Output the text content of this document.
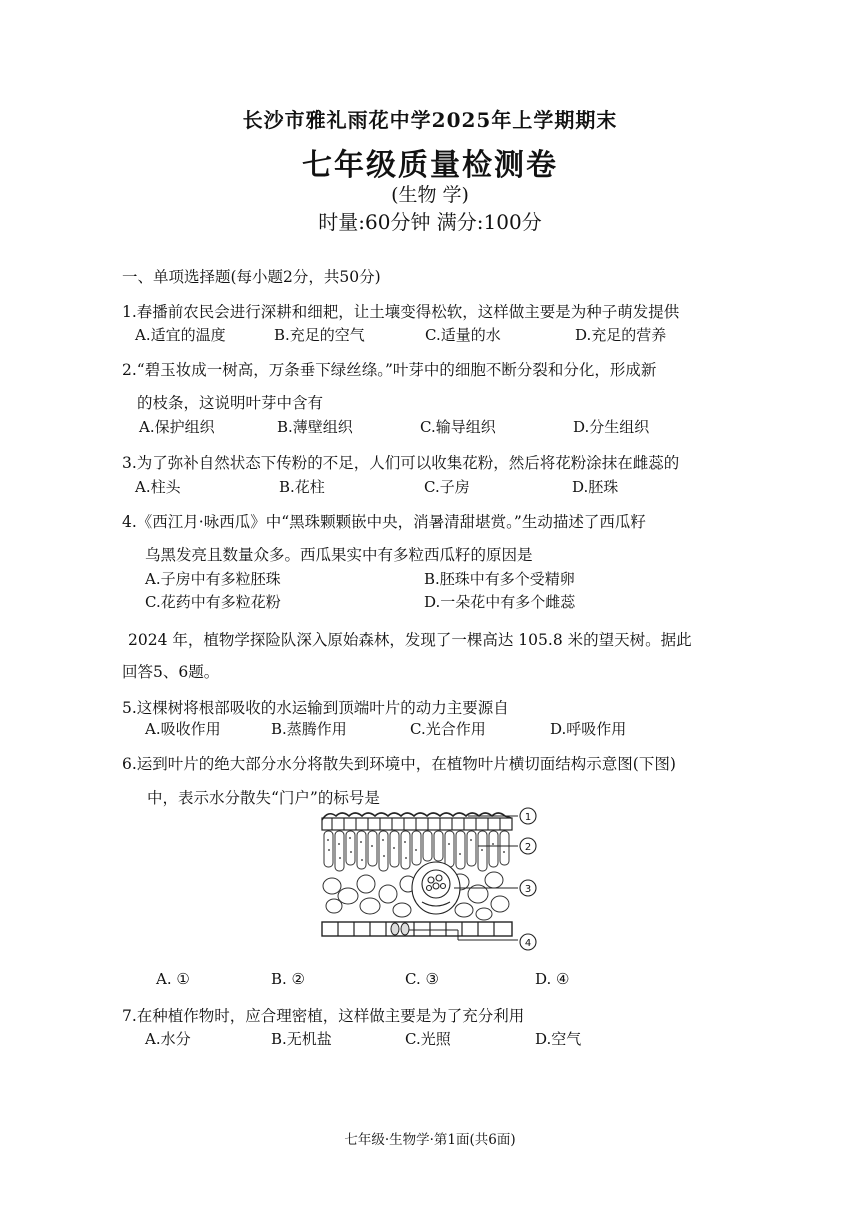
长沙市雅礼雨花中学2025年上学期期末
七年级质量检测卷
(生物 学)
时量:60分钟 满分:100分
一、单项选择题(每小题2分，共50分)
1.春播前农民会进行深耕和细耙，让土壤变得松软，这样做主要是为种子萌发提供
A.适宜的温度	B.充足的空气	C.适量的水	D.充足的营养
2.“碧玉妆成一树高，万条垂下绿丝绦。”叶芽中的细胞不断分裂和分化，形成新
的枝条，这说明叶芽中含有
A.保护组织	B.薄壁组织	C.输导组织	D.分生组织
3.为了弥补自然状态下传粉的不足，人们可以收集花粉，然后将花粉涂抹在雌蕊的
A.柱头	B.花柱	C.子房	D.胚珠
4.《西江月·咏西瓜》中“黑珠颗颗嵌中央，消暑清甜堪赏。”生动描述了西瓜籽
乌黑发亮且数量众多。西瓜果实中有多粒西瓜籽的原因是
A.子房中有多粒胚珠	B.胚珠中有多个受精卵
C.花药中有多粒花粉	D.一朵花中有多个雌蕊
2024 年，植物学探险队深入原始森林，发现了一棵高达 105.8 米的望天树。据此
回答5、6题。
5.这棵树将根部吸收的水运输到顶端叶片的动力主要源自
A.吸收作用	B.蒸腾作用	C.光合作用	D.呼吸作用
6.运到叶片的绝大部分水分将散失到环境中，在植物叶片横切面结构示意图(下图)
中，表示水分散失“门户”的标号是
1
2
3
4
A. ①	B. ②	C. ③	D. ④
7.在种植作物时，应合理密植，这样做主要是为了充分利用
A.水分	B.无机盐	C.光照	D.空气
七年级·生物学·第1面(共6面)
